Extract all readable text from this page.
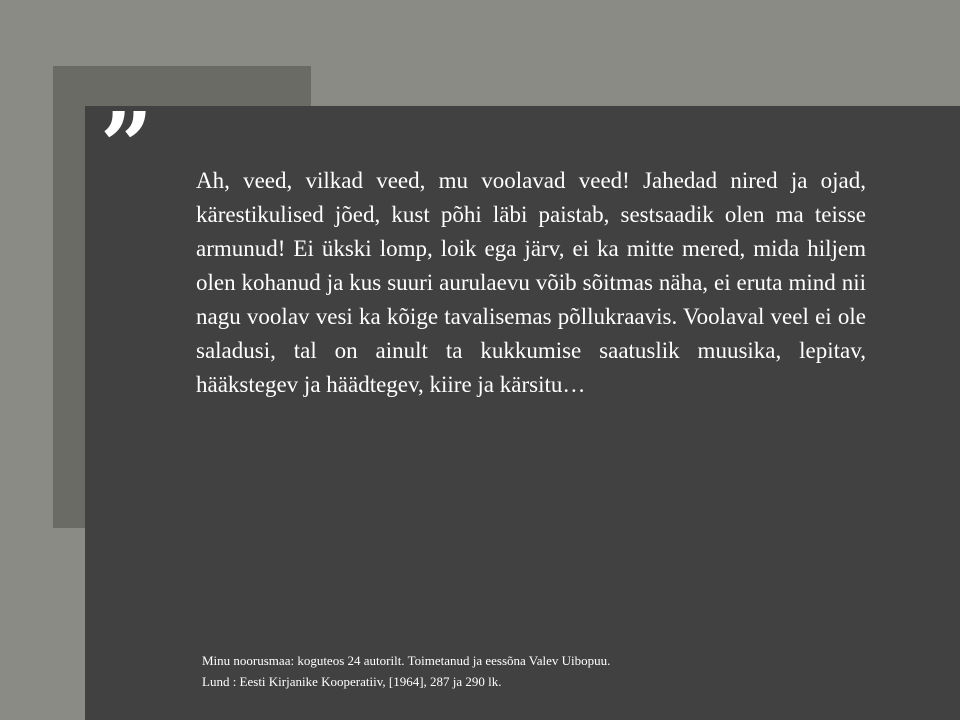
” Ah, veed, vilkad veed, mu voolavad veed! Jahedad nired ja ojad, kärestikulised jõed, kust põhi läbi paistab, sestsaadik olen ma teisse armunud! Ei ükski lomp, loik ega järv, ei ka mitte mered, mida hiljem olen kohanud ja kus suuri aurulaevu võib sõitmas näha, ei eruta mind nii nagu voolav vesi ka kõige tavalisemas põllukraavis. Voolaval veel ei ole saladusi, tal on ainult ta kukkumise saatuslik muusika, lepitav, hääkstegev ja häädtegev, kiire ja kärsitu…

Minu noorusmaa: koguteos 24 autorilt. Toimetanud ja eessõna Valev Uibopuu.
Lund : Eesti Kirjanike Kooperatiiv, [1964], 287 ja 290 lk.
